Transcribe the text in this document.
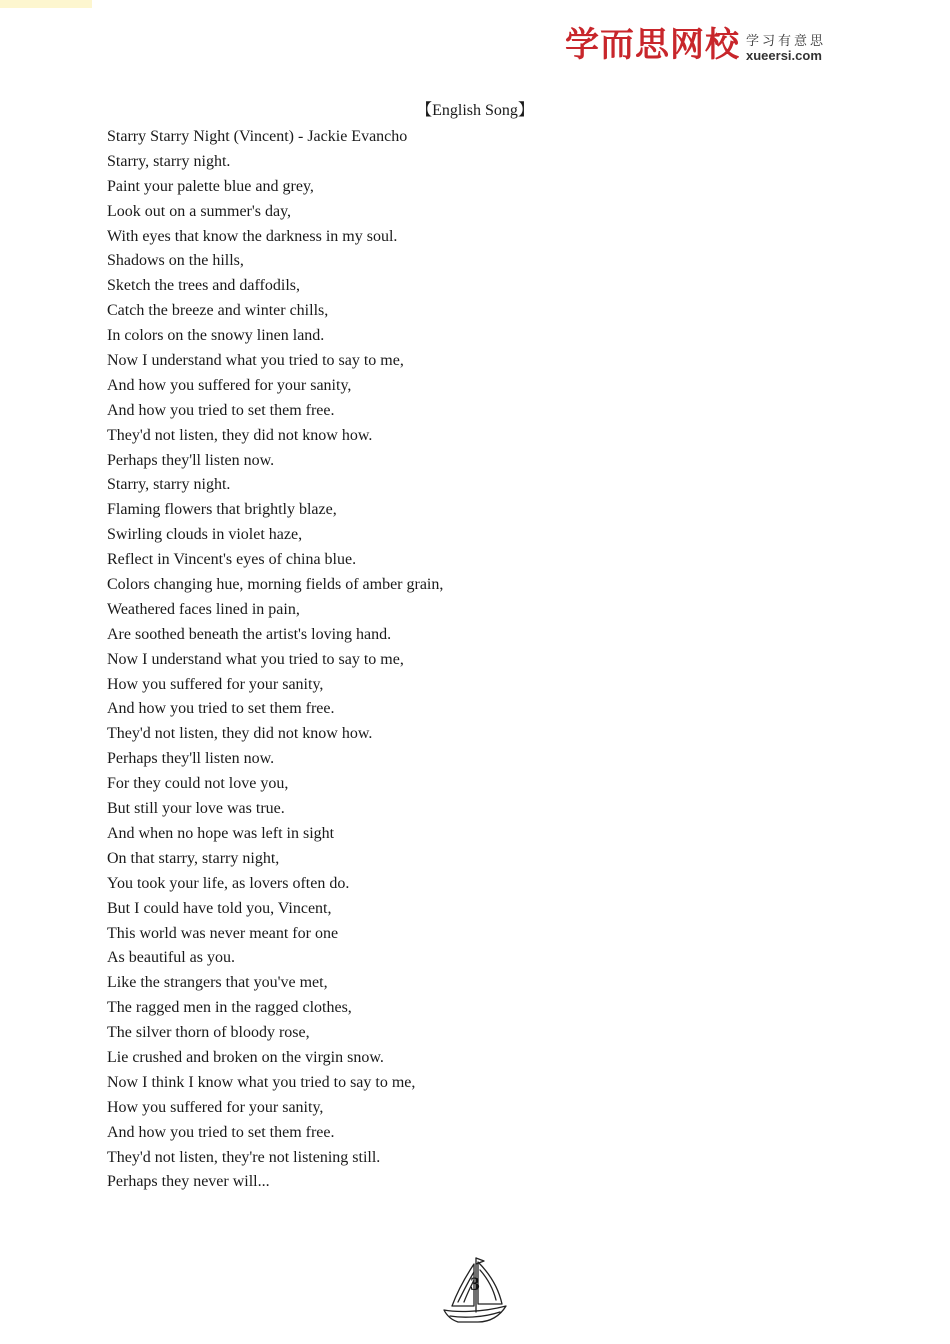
学而思网校 学习有意思
xueersi.com
【English Song】
Starry Starry Night (Vincent) - Jackie Evancho
Starry, starry night.
Paint your palette blue and grey,
Look out on a summer's day,
With eyes that know the darkness in my soul.
Shadows on the hills,
Sketch the trees and daffodils,
Catch the breeze and winter chills,
In colors on the snowy linen land.
Now I understand what you tried to say to me,
And how you suffered for your sanity,
And how you tried to set them free.
They'd not listen, they did not know how.
Perhaps they'll listen now.
Starry, starry night.
Flaming flowers that brightly blaze,
Swirling clouds in violet haze,
Reflect in Vincent's eyes of china blue.
Colors changing hue, morning fields of amber grain,
Weathered faces lined in pain,
Are soothed beneath the artist's loving hand.
Now I understand what you tried to say to me,
How you suffered for your sanity,
And how you tried to set them free.
They'd not listen, they did not know how.
Perhaps they'll listen now.
For they could not love you,
But still your love was true.
And when no hope was left in sight
On that starry, starry night,
You took your life, as lovers often do.
But I could have told you, Vincent,
This world was never meant for one
As beautiful as you.
Like the strangers that you've met,
The ragged men in the ragged clothes,
The silver thorn of bloody rose,
Lie crushed and broken on the virgin snow.
Now I think I know what you tried to say to me,
How you suffered for your sanity,
And how you tried to set them free.
They'd not listen, they're not listening still.
Perhaps they never will...
3
